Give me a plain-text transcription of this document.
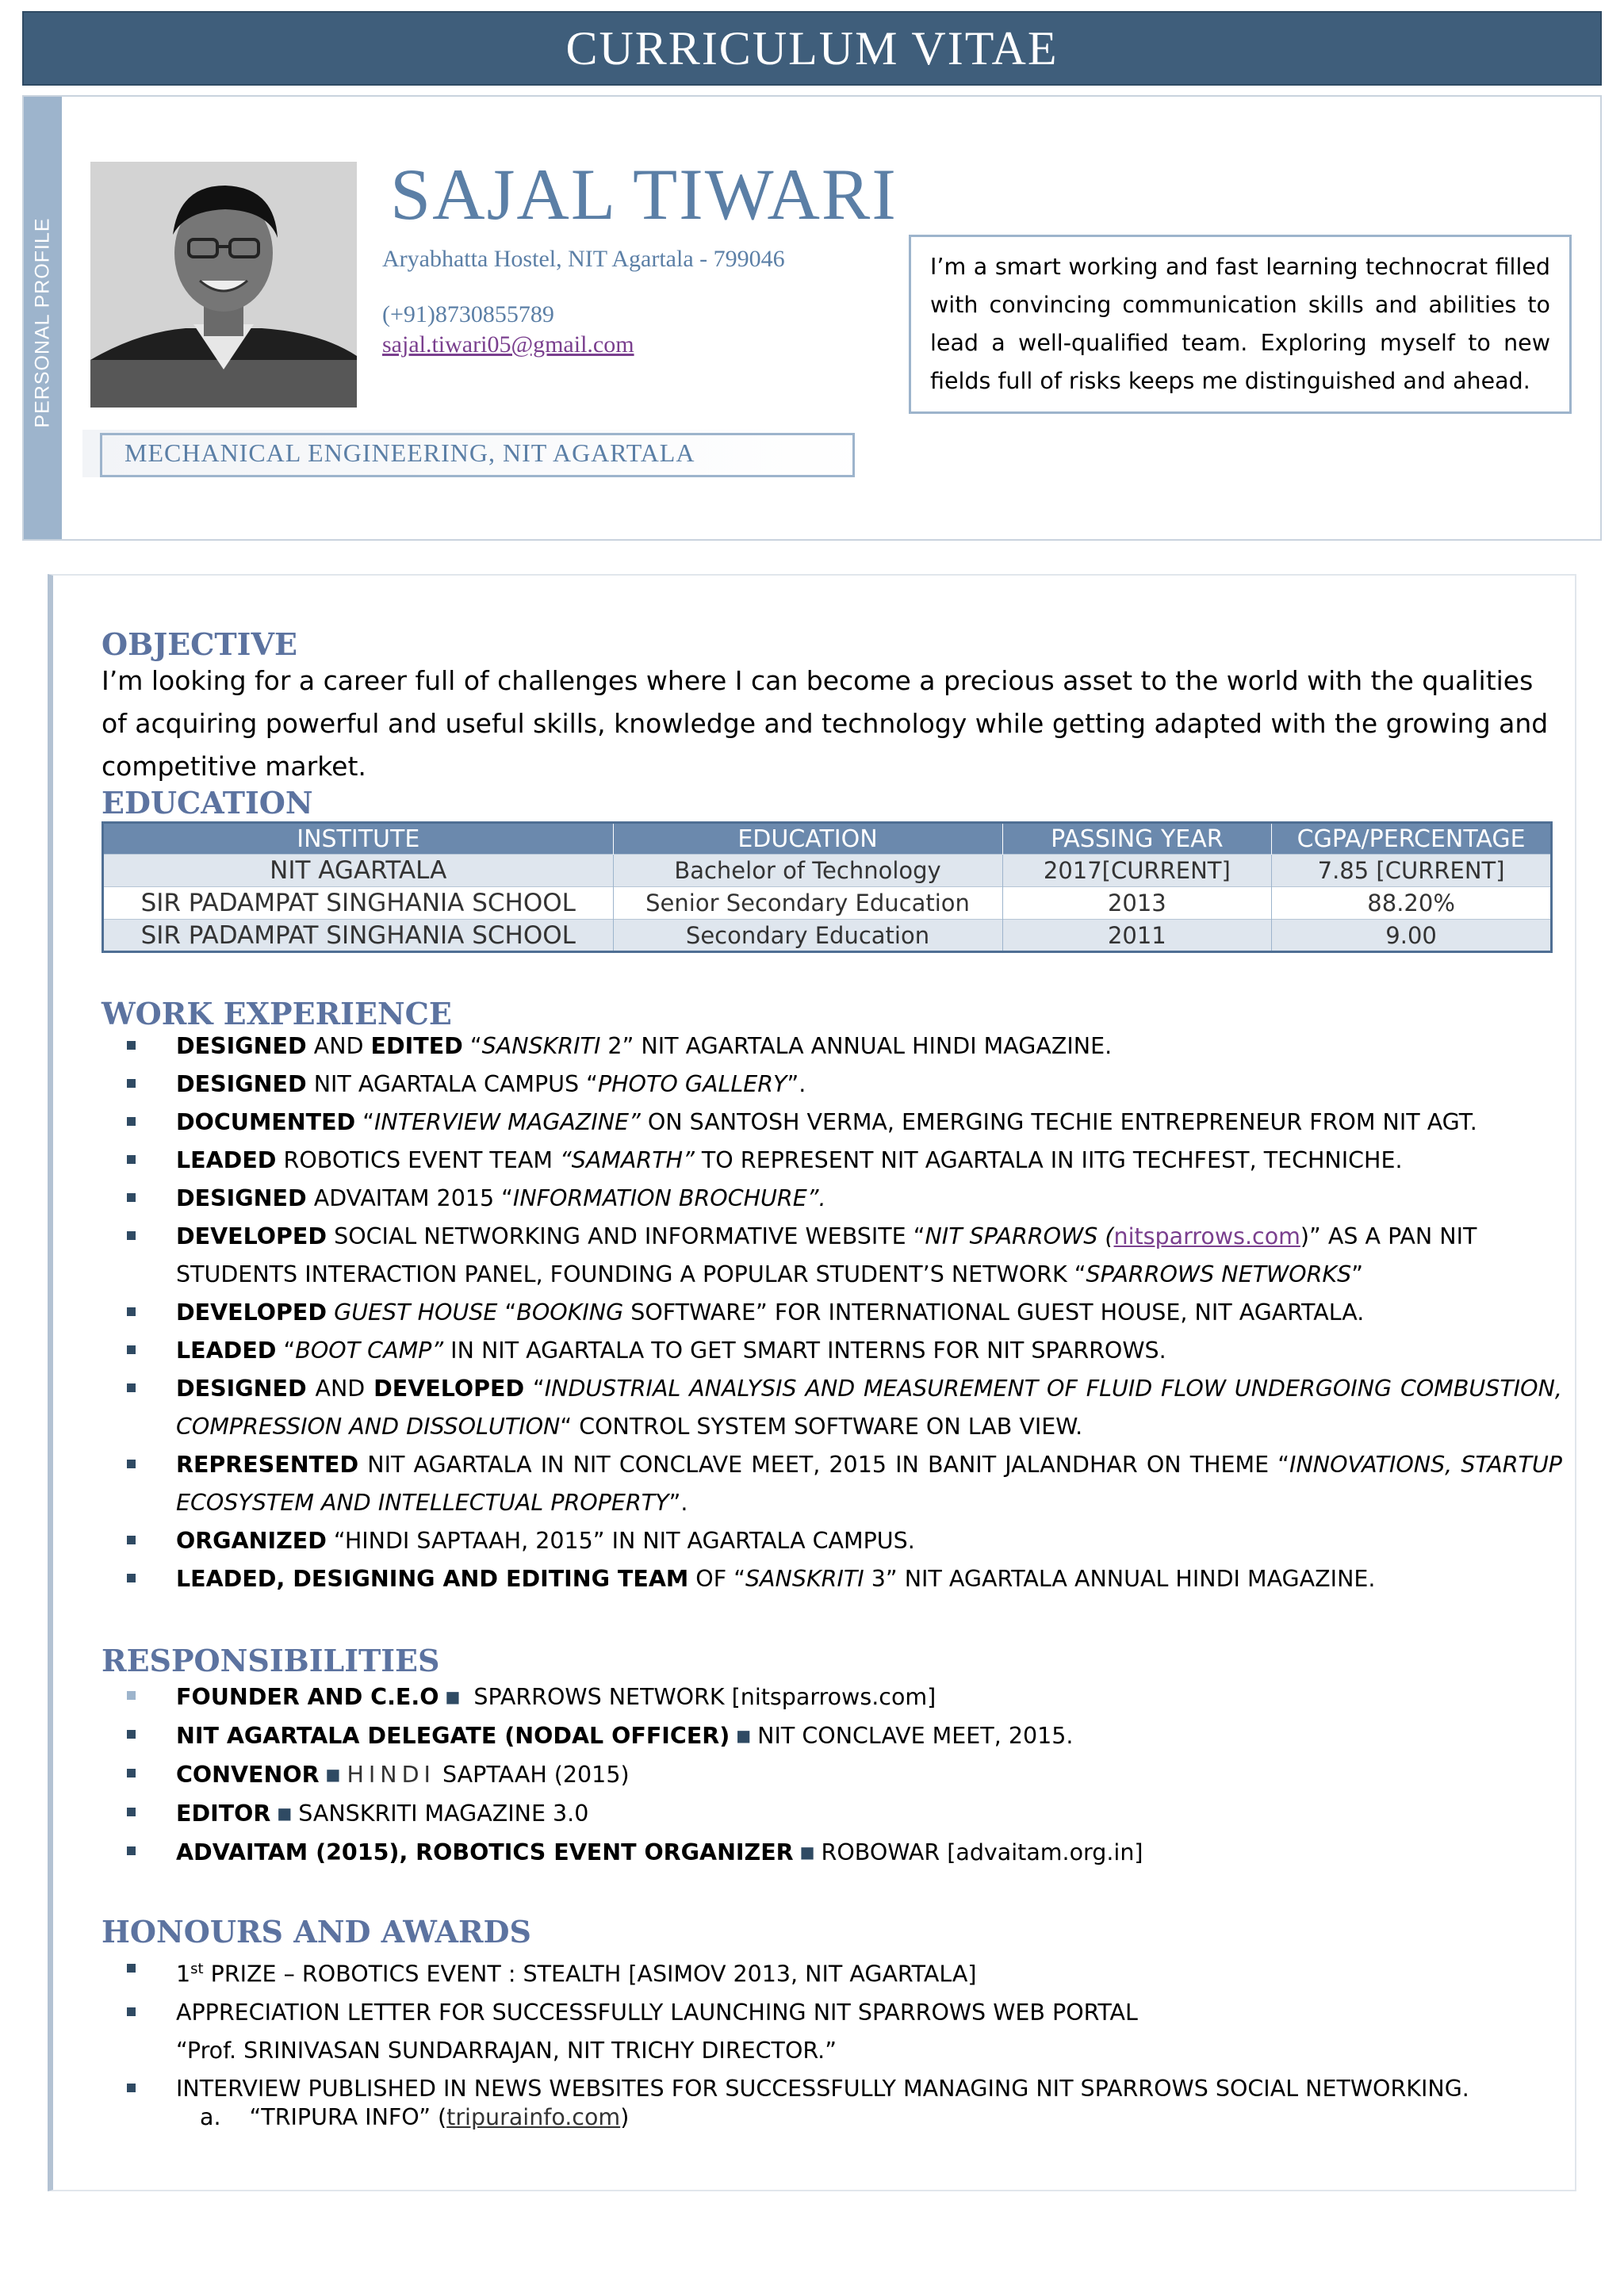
CURRICULUM VITAE
PERSONAL PROFILE
SAJAL TIWARI
Aryabhatta Hostel, NIT Agartala - 799046
(+91)8730855789
sajal.tiwari05@gmail.com
I’m a smart working and fast learning technocrat filled with convincing communication skills and abilities to lead a well-qualified team. Exploring myself to new fields full of risks keeps me distinguished and ahead.
MECHANICAL ENGINEERING, NIT AGARTALA
OBJECTIVE
I’m looking for a career full of challenges where I can become a precious asset to the world with the qualities of acquiring powerful and useful skills, knowledge and technology while getting adapted with the growing and competitive market.
EDUCATION
INSTITUTE	EDUCATION	PASSING YEAR	CGPA/PERCENTAGE
NIT AGARTALA	Bachelor of Technology	2017[CURRENT]	7.85 [CURRENT]
SIR PADAMPAT SINGHANIA SCHOOL	Senior Secondary Education	2013	88.20%
SIR PADAMPAT SINGHANIA SCHOOL	Secondary Education	2011	9.00
WORK EXPERIENCE
DESIGNED AND EDITED “SANSKRITI 2” NIT AGARTALA ANNUAL HINDI MAGAZINE.
DESIGNED NIT AGARTALA CAMPUS “PHOTO GALLERY”.
DOCUMENTED “INTERVIEW MAGAZINE” ON SANTOSH VERMA, EMERGING TECHIE ENTREPRENEUR FROM NIT AGT.
LEADED ROBOTICS EVENT TEAM “SAMARTH” TO REPRESENT NIT AGARTALA IN IITG TECHFEST, TECHNICHE.
DESIGNED ADVAITAM 2015 “INFORMATION BROCHURE”.
DEVELOPED SOCIAL NETWORKING AND INFORMATIVE WEBSITE “NIT SPARROWS (nitsparrows.com)” AS A PAN NIT STUDENTS INTERACTION PANEL, FOUNDING A POPULAR STUDENT’S NETWORK “SPARROWS NETWORKS”
DEVELOPED GUEST HOUSE “BOOKING SOFTWARE” FOR INTERNATIONAL GUEST HOUSE, NIT AGARTALA.
LEADED “BOOT CAMP” IN NIT AGARTALA TO GET SMART INTERNS FOR NIT SPARROWS.
DESIGNED AND DEVELOPED “INDUSTRIAL ANALYSIS AND MEASUREMENT OF FLUID FLOW UNDERGOING COMBUSTION, COMPRESSION AND DISSOLUTION“ CONTROL SYSTEM SOFTWARE ON LAB VIEW.
REPRESENTED NIT AGARTALA IN NIT CONCLAVE MEET, 2015 IN BANIT JALANDHAR ON THEME “INNOVATIONS, STARTUP ECOSYSTEM AND INTELLECTUAL PROPERTY”.
ORGANIZED “HINDI SAPTAAH, 2015” IN NIT AGARTALA CAMPUS.
LEADED, DESIGNING AND EDITING TEAM OF “SANSKRITI 3” NIT AGARTALA ANNUAL HINDI MAGAZINE.
RESPONSIBILITIES
FOUNDER AND C.E.O ■ SPARROWS NETWORK [nitsparrows.com]
NIT AGARTALA DELEGATE (NODAL OFFICER) ■ NIT CONCLAVE MEET, 2015.
CONVENOR ■ HINDI SAPTAAH (2015)
EDITOR ■ SANSKRITI MAGAZINE 3.0
ADVAITAM (2015), ROBOTICS EVENT ORGANIZER ■ ROBOWAR [advaitam.org.in]
HONOURS AND AWARDS
1st PRIZE – ROBOTICS EVENT : STEALTH [ASIMOV 2013, NIT AGARTALA]
APPRECIATION LETTER FOR SUCCESSFULLY LAUNCHING NIT SPARROWS WEB PORTAL
“Prof. SRINIVASAN SUNDARRAJAN, NIT TRICHY DIRECTOR.”
INTERVIEW PUBLISHED IN NEWS WEBSITES FOR SUCCESSFULLY MANAGING NIT SPARROWS SOCIAL NETWORKING.
a. “TRIPURA INFO” (tripurainfo.com)
